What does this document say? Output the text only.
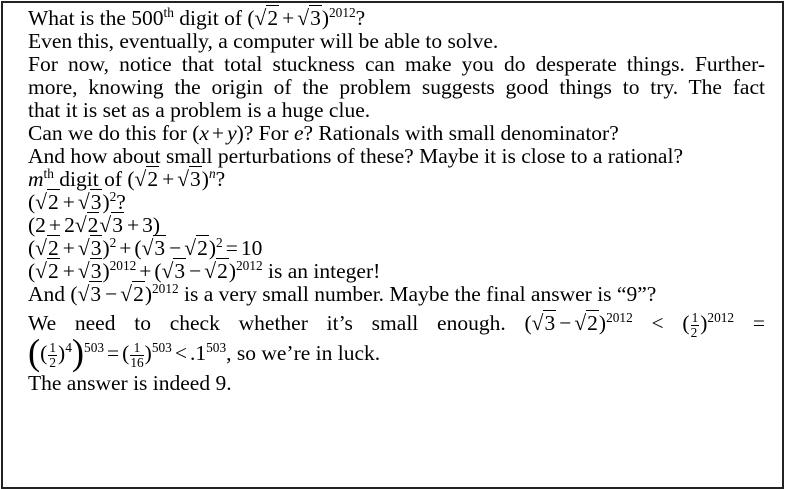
What is the 500th digit of $(√2 + √3)^{2012}$?
Even this, eventually, a computer will be able to solve.
For now, notice that total stuckness can make you do desperate things. Further-
more, knowing the origin of the problem suggests good things to try. The fact
that it is set as a problem is a huge clue.
Can we do this for (x + y)? For e? Rationals with small denominator?
And how about small perturbations of these? Maybe it is close to a rational?
$m^{th}$ digit of $(√2 + √3)^n$?
$(√2 + √3)^2$?
(2 + 2√2√3 + 3)
$(√2 + √3)^2 + (√3 - √2)^2 = 10$
$(√2 + √3)^{2012} + (√3 - √2)^{2012}$ is an integer!
And $(√3 - √2)^{2012}$ is a very small number. Maybe the final answer is “9”?
We need to check whether it’s small enough. $(√3 - √2)^{2012}$ < ( $\frac{1}{2} )^{2012}$ =
(( $\frac{1}{2} )^4)^{503}$ = ( $\frac{1}{16} )^{503} < .1^{503}$, so we’re in luck.
The answer is indeed 9.
